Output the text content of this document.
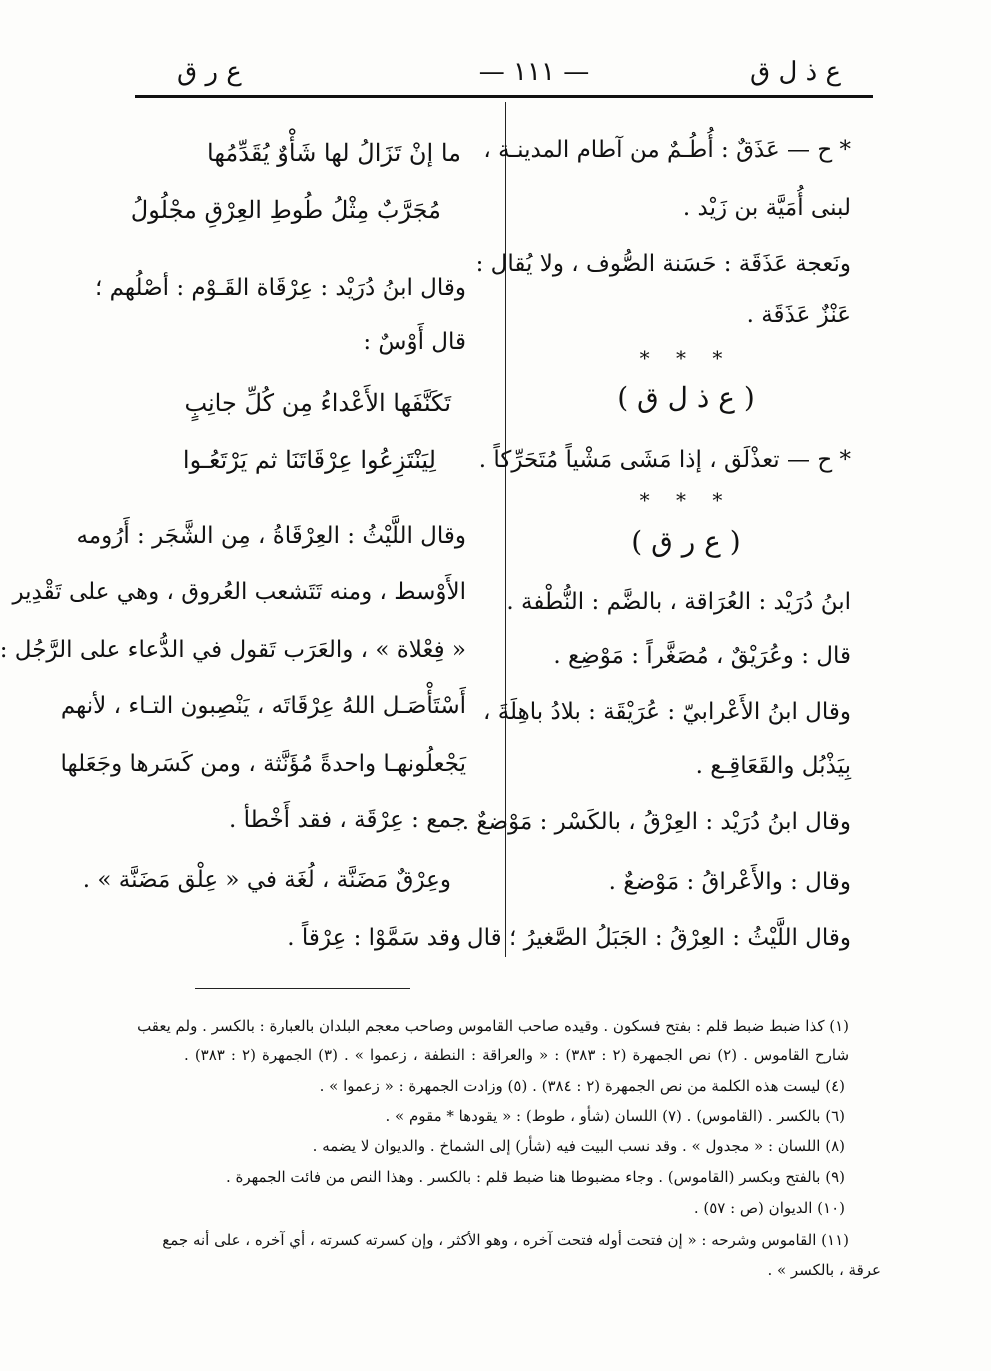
ع ذ ل ق
— ١١١ —
ع ر ق
* ح — عَذَقٌ : أُطُـمٌ من آطام المدينـة ،
لبنى أُمَيَّة بن زَيْد .
ونَعجة عَذَقَة : حَسَنة الصُّوف ، ولا يُقال :
عَنْزٌ عَذَقَة .
* * *
( ع ذ ل ق )
* ح — تعذْلَق ، إذا مَشَى مَشْياً مُتَحَرِّكاً .
* * *
( ع ر ق )
ابنُ دُرَيْد : العُرَاقة ، بالضَّم : النُّطْفة .
قال : وعُرَيْقٌ ، مُصَغَّراً : مَوْضِع .
وقال ابنُ الأَعْرابيّ : عُرَيْقَة : بلادُ باهِلَةَ ،
بِيَذْبُل والقَعَاقِـع .
وقال ابنُ دُرَيْد : العِرْقُ ، بالكَسْر : مَوْضعٌ .
وقال : والأَعْراقُ : مَوْضعٌ .
وقال اللَّيْثُ : العِرْقُ : الجَبَلُ الصَّغيرُ ؛ قال :
ما إنْ تَزَالُ لها شَأْوٌ يُقَدِّمُها
مُجَرَّبٌ مِثْلُ طُوطِ العِرْقِ مجْلُولُ
وقال ابنُ دُرَيْد : عِرْقَاة القَـوْم : أصْلُهم ؛
قال أَوْسٌ :
تَكَنَّفَها الأَعْداءُ مِن كُلِّ جانِبٍ
لِيَنْتَزِعُوا عِرْقَاتَنَا ثم يَرْتَعُـوا
وقال اللَّيْثُ : العِرْقَاةُ ، مِن الشَّجَر : أَرُومه
الأَوْسط ، ومنه تَتَشعب العُروق ، وهي على تَقْدِير
« فِعْلاة » ، والعَرَب تَقول في الدُّعاء على الرَّجُل :
أَسْتَأْصَـل اللهُ عِرْقَاتَه ، يَنْصِبون التـاء ، لأنهم
يَجْعلُونهـا واحدةً مُؤَنَّثة ، ومن كَسَرها وجَعَلها
جمع : عِرْقَة ، فقد أَخْطأ .
وعِرْقٌ مَضَنَّة ، لُغَة في « عِلْق مَضَنَّة » .
وقد سَمَّوْا : عِرْقاً .
(١) كذا ضبط ضبط قلم : بفتح فسكون . وقيده صاحب القاموس وصاحب معجم البلدان بالعبارة : بالكسر . ولم يعقب
شارح القاموس . (٢) نص الجمهرة (٢ : ٣٨٣) : « والعراقة : النطفة ، زعموا » . (٣) الجمهرة (٢ : ٣٨٣) .
(٤) ليست هذه الكلمة من نص الجمهرة (٢ : ٣٨٤) . (٥) وزادت الجمهرة : « زعموا » .
(٦) بالكسر . (القاموس) . (٧) اللسان (شأو ، طوط) : « يقودها * مقوم » .
(٨) اللسان : « مجدول » . وقد نسب البيت فيه (شأر) إلى الشماخ . والديوان لا يضمه .
(٩) بالفتح وبكسر (القاموس) . وجاء مضبوطا هنا ضبط قلم : بالكسر . وهذا النص من فائت الجمهرة .
(١٠) الديوان (ص : ٥٧) .
(١١) القاموس وشرحه : « إن فتحت أوله فتحت آخره ، وهو الأكثر ، وإن كسرته كسرته ، أي آخره ، على أنه جمع
عرقة ، بالكسر » .
